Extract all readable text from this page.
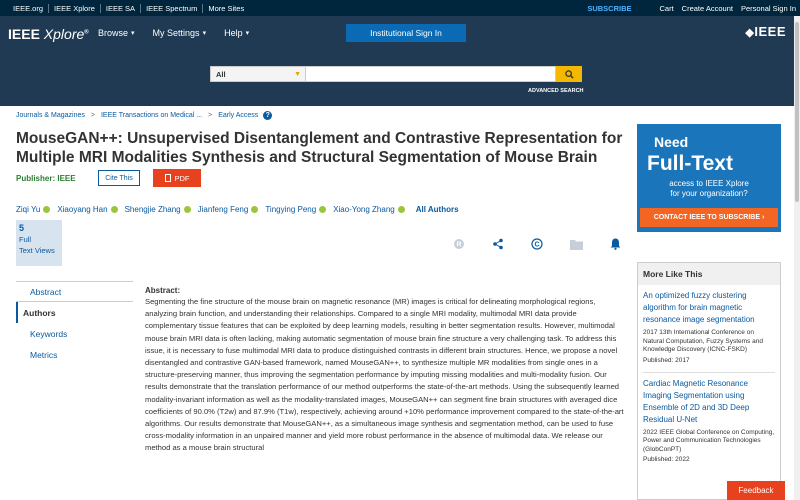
IEEE.org	IEEE Xplore	IEEE SA	IEEE Spectrum	More Sites	SUBSCRIBE	Cart	Create Account	Personal Sign In
IEEE Xplore® Browse ▾ My Settings ▾ Help ▾	Institutional Sign In	◆IEEE
All	▼
ADVANCED SEARCH
Journals & Magazines > IEEE Transactions on Medical ... > Early Access	?
MouseGAN++: Unsupervised Disentanglement and Contrastive Representation for Multiple MRI Modalities Synthesis and Structural Segmentation of Mouse Brain
Publisher: IEEE	Cite This	PDF
Ziqi Yu Xiaoyang Han Shengjie Zhang Jianfeng Feng Tingying Peng Xiao-Yong Zhang	All Authors
5
Full
Text Views
R	C
Abstract
Authors
Keywords
Metrics
Abstract:
Segmenting the fine structure of the mouse brain on magnetic resonance (MR) images is critical for delineating morphological regions, analyzing brain function, and understanding their relationships. Compared to a single MRI modality, multimodal MRI data provide complementary tissue features that can be exploited by deep learning models, resulting in better segmentation results. However, multimodal mouse brain MRI data is often lacking, making automatic segmentation of mouse brain fine structure a very challenging task. To address this issue, it is necessary to fuse multimodal MRI data to produce distinguished contrasts in different brain structures. Hence, we propose a novel disentangled and contrastive GAN-based framework, named MouseGAN++, to synthesize multiple MR modalities from single ones in a structure-preserving manner, thus improving the segmentation performance by imputing missing modalities and multi-modality fusion. Our results demonstrate that the translation performance of our method outperforms the state-of-the-art methods. Using the subsequently learned modality-invariant information as well as the modality-translated images, MouseGAN++ can segment fine brain structures with averaged dice coefficients of 90.0% (T2w) and 87.9% (T1w), respectively, achieving around +10% performance improvement compared to the state-of-the-art algorithms. Our results demonstrate that MouseGAN++, as a simultaneous image synthesis and segmentation method, can be used to fuse cross-modality information in an unpaired manner and yield more robust performance in the absence of multimodal data. We release our method as a mouse brain structural
Need
Full-Text
access to IEEE Xplore
for your organization?
CONTACT IEEE TO SUBSCRIBE ›
More Like This
An optimized fuzzy clustering algorithm for brain magnetic resonance image segmentation
2017 13th International Conference on Natural Computation, Fuzzy Systems and Knowledge Discovery (ICNC-FSKD)
Published: 2017
Cardiac Magnetic Resonance Imaging Segmentation using Ensemble of 2D and 3D Deep Residual U-Net
2022 IEEE Global Conference on Computing, Power and Communication Technologies (GlobConPT)
Published: 2022
Feedback
